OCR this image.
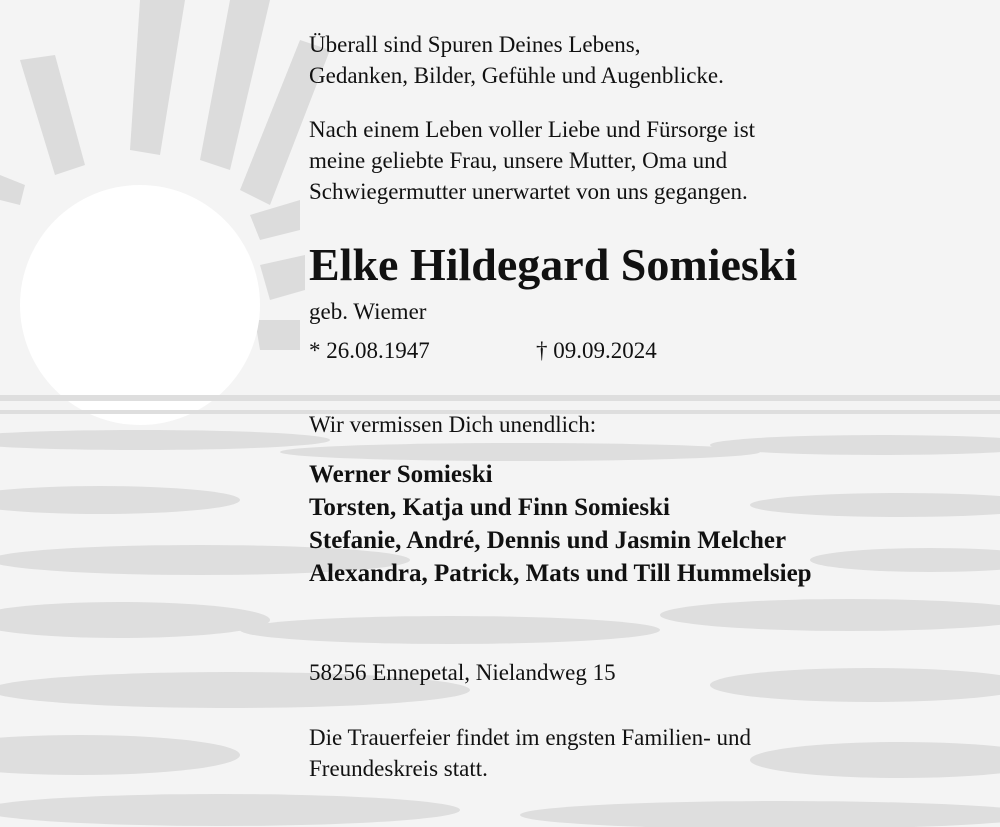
Überall sind Spuren Deines Lebens,
Gedanken, Bilder, Gefühle und Augenblicke.

Nach einem Leben voller Liebe und Fürsorge ist
meine geliebte Frau, unsere Mutter, Oma und
Schwiegermutter unerwartet von uns gegangen.

Elke Hildegard Somieski

geb. Wiemer

* 26.08.1947	† 09.09.2024

Wir vermissen Dich unendlich:

Werner Somieski
Torsten, Katja und Finn Somieski
Stefanie, André, Dennis und Jasmin Melcher
Alexandra, Patrick, Mats und Till Hummelsiep

58256 Ennepetal, Nielandweg 15

Die Trauerfeier findet im engsten Familien- und
Freundeskreis statt.
